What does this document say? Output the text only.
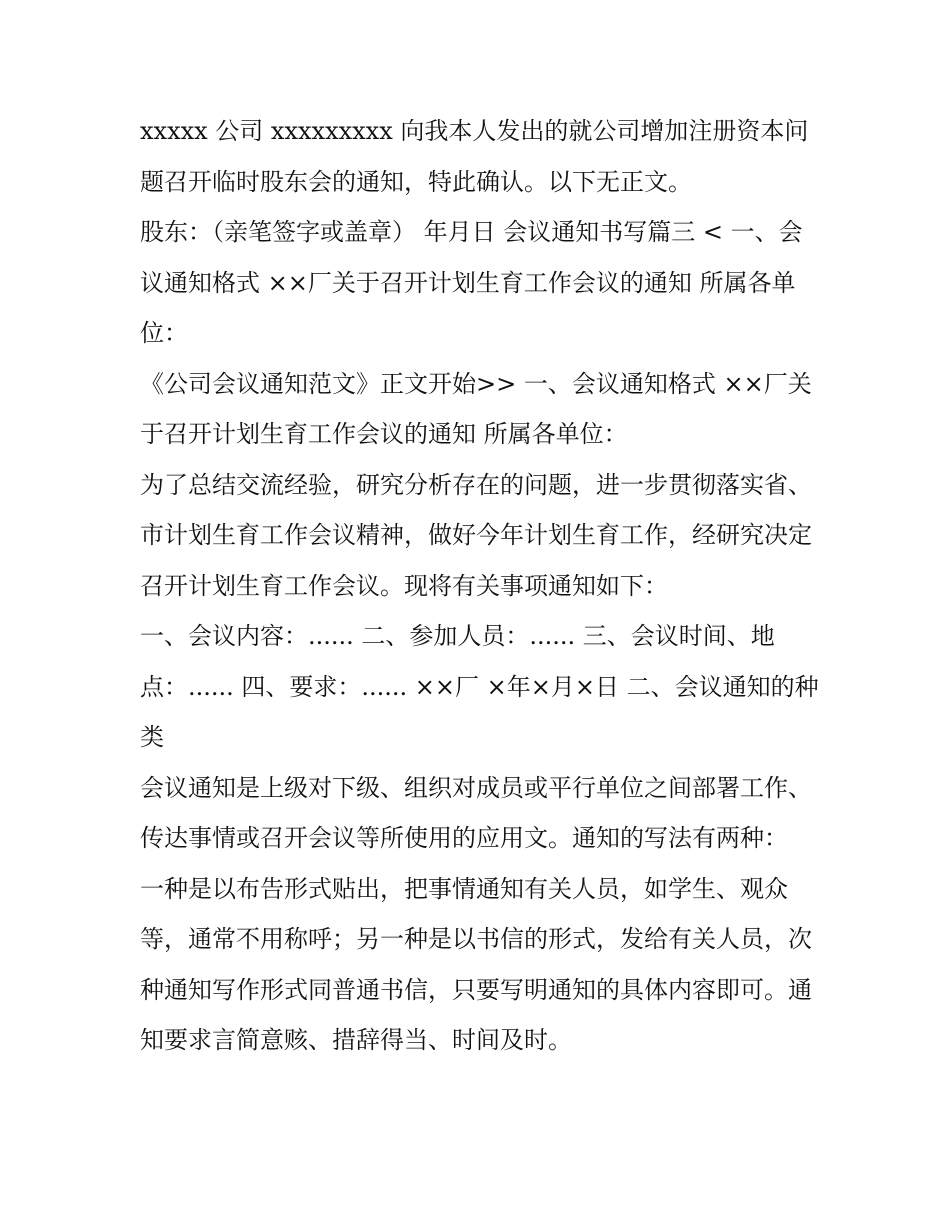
xxxxx 公司 xxxxxxxxx 向我本人发出的就公司增加注册资本问题召开临时股东会的通知，特此确认。以下无正文。

股东：（亲笔签字或盖章） 年月日 会议通知书写篇三 < 一、会议通知格式 ××厂关于召开计划生育工作会议的通知 所属各单位：

《公司会议通知范文》正文开始>> 一、会议通知格式 ××厂关于召开计划生育工作会议的通知 所属各单位：

为了总结交流经验，研究分析存在的问题，进一步贯彻落实省、市计划生育工作会议精神，做好今年计划生育工作，经研究决定召开计划生育工作会议。现将有关事项通知如下：

一、会议内容：...... 二、参加人员：...... 三、会议时间、地点：...... 四、要求：...... ××厂 ×年×月×日 二、会议通知的种类

会议通知是上级对下级、组织对成员或平行单位之间部署工作、传达事情或召开会议等所使用的应用文。通知的写法有两种：

一种是以布告形式贴出，把事情通知有关人员，如学生、观众等，通常不用称呼；另一种是以书信的形式，发给有关人员，次种通知写作形式同普通书信，只要写明通知的具体内容即可。通知要求言简意赅、措辞得当、时间及时。
